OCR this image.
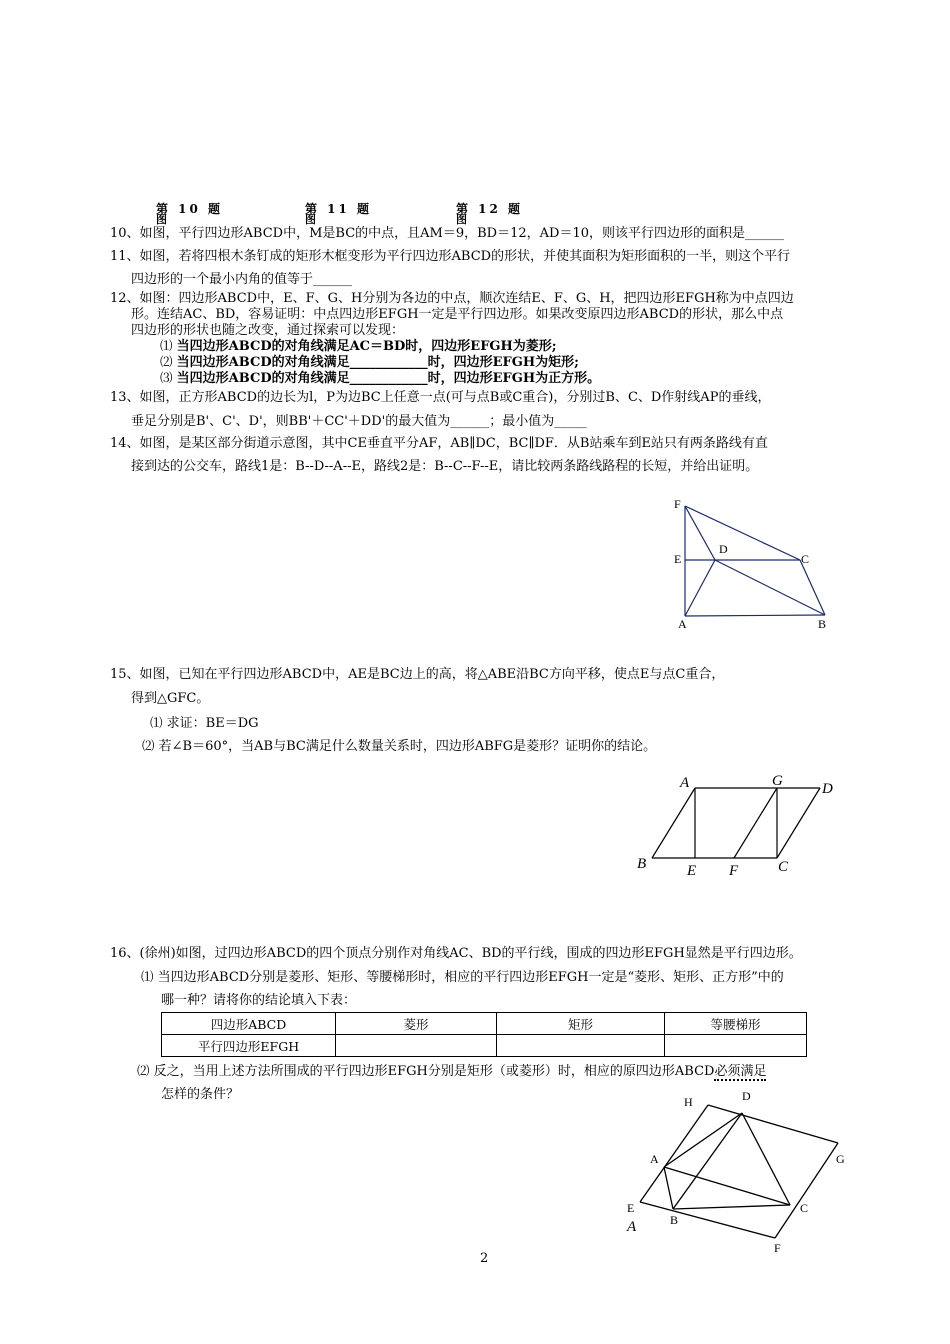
第 10 题
图
第 11 题
图
第 12 题
图
10、如图，平行四边形ABCD中，M是BC的中点，且AM＝9，BD＝12，AD＝10，则该平行四边形的面积是______
11、如图，若将四根木条钉成的矩形木框变形为平行四边形ABCD的形状，并使其面积为矩形面积的一半，则这个平行
四边形的一个最小内角的值等于______
12、如图：四边形ABCD中，E、F、G、H分别为各边的中点，顺次连结E、F、G、H，把四边形EFGH称为中点四边
形。连结AC、BD，容易证明：中点四边形EFGH一定是平行四边形。如果改变原四边形ABCD的形状，那么中点
四边形的形状也随之改变，通过探索可以发现：
⑴ 当四边形ABCD的对角线满足AC＝BD时，四边形EFGH为菱形;
⑵ 当四边形ABCD的对角线满足____________时，四边形EFGH为矩形;
⑶ 当四边形ABCD的对角线满足____________时，四边形EFGH为正方形。
13、如图，正方形ABCD的边长为l，P为边BC上任意一点(可与点B或C重合)，分别过B、C、D作射线AP的垂线，
垂足分别是B'、C'、D'，则BB'＋CC'＋DD'的最大值为______；最小值为_____
14、如图，是某区部分街道示意图，其中CE垂直平分AF，AB∥DC，BC∥DF．从B站乘车到E站只有两条路线有直
接到达的公交车，路线1是：B--D--A--E，路线2是：B--C--F--E，请比较两条路线路程的长短，并给出证明。
F
E
D
C
A	B
15、如图，已知在平行四边形ABCD中，AE是BC边上的高，将△ABE沿BC方向平移，使点E与点C重合，
得到△GFC。
⑴ 求证：BE＝DG
⑵ 若∠B＝60°，当AB与BC满足什么数量关系时，四边形ABFG是菱形？证明你的结论。
A	G	D
B	E F	C
16、(徐州)如图，过四边形ABCD的四个顶点分别作对角线AC、BD的平行线，围成的四边形EFGH显然是平行四边形。
⑴ 当四边形ABCD分别是菱形、矩形、等腰梯形时，相应的平行四边形EFGH一定是“菱形、矩形、正方形”中的
哪一种？请将你的结论填入下表：
四边形ABCD	菱形	矩形	等腰梯形
平行四边形EFGH			
⑵ 反之，当用上述方法所围成的平行四边形EFGH分别是矩形（或菱形）时，相应的原四边形ABCD必须满足
怎样的条件？	H	D
A	G
E
A	B
C
F
2
